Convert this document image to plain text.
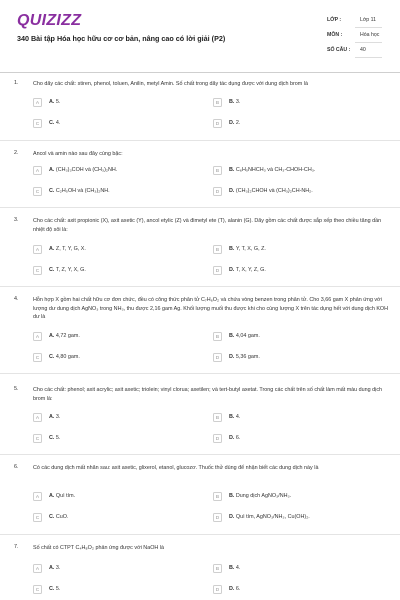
QUIZIZZ
340 Bài tập Hóa học hữu cơ cơ bản, nâng cao có lời giải (P2)
LỚP :	Lớp 11
MÔN :	Hóa học
SỐ CÂU : 40
1.	Cho dãy các chất: stiren, phenol, toluen, Anilin, metyl Amin. Số chất trong dãy tác dụng được với dung dịch brom là
A	A. 5.	B	B. 3.
C	C. 4.	D	D. 2.
2.	Ancol và amin nào sau đây cùng bậc:
A	A. (CH₃)₃COH và (CH₃)₂NH.	B	B. C₆H₅NHCH₃ và CH₃-CHOH-CH₃.
C	C. C₂H₅OH và (CH₃)₂NH.	D	D. (CH₃)₂CHOH và (CH₃)₂CH-NH₂.
3.	Cho các chất: axit propionic (X), axit axetic (Y), ancol etylic (Z) và đimetyl ete (T), alanin (G). Dãy gồm các chất được sắp xếp theo chiều tăng dần nhiệt độ sôi là:
A	A. Z, T, Y, G, X.	B	B. Y, T, X, G, Z.
C	C. T, Z, Y, X, G.	D	D. T, X, Y, Z, G.
4.	Hỗn hợp X gồm hai chất hữu cơ đơn chức, đều có công thức phân tử C₇H₆O₂ và chứa vòng benzen trong phân tử. Cho 3,66 gam X phản ứng với lượng dư dung dịch AgNO₃ trong NH₃, thu được 2,16 gam Ag. Khối lượng muối thu được khi cho cùng lượng X trên tác dụng hết với dung dịch KOH dư là
A	A. 4,72 gam.	B	B. 4,04 gam.
C	C. 4,80 gam.	D	D. 5,36 gam.
5.	Cho các chất: phenol; axit acrylic; axit axetic; triolein; vinyl clorua; axetilen; và tert-butyl axetat. Trong các chất trên số chất làm mất màu dung dịch brom là:
A	A. 3.	B	B. 4.
C	C. 5.	D	D. 6.
6.	Có các dung dịch mất nhãn sau: axit axetic, glixerol, etanol, glucozơ. Thuốc thử dùng để nhận biết các dung dịch này là
A	A. Quì tím.	B	B. Dung dịch AgNO₃/NH₃.
C	C. CuO.	D	D. Quì tím, AgNO₃/NH₃, Cu(OH)₂.
7.	Số chất có CTPT C₄H₈O₂ phản ứng được với NaOH là
A	A. 3.	B	B. 4.
C	C. 5.	D	D. 6.
